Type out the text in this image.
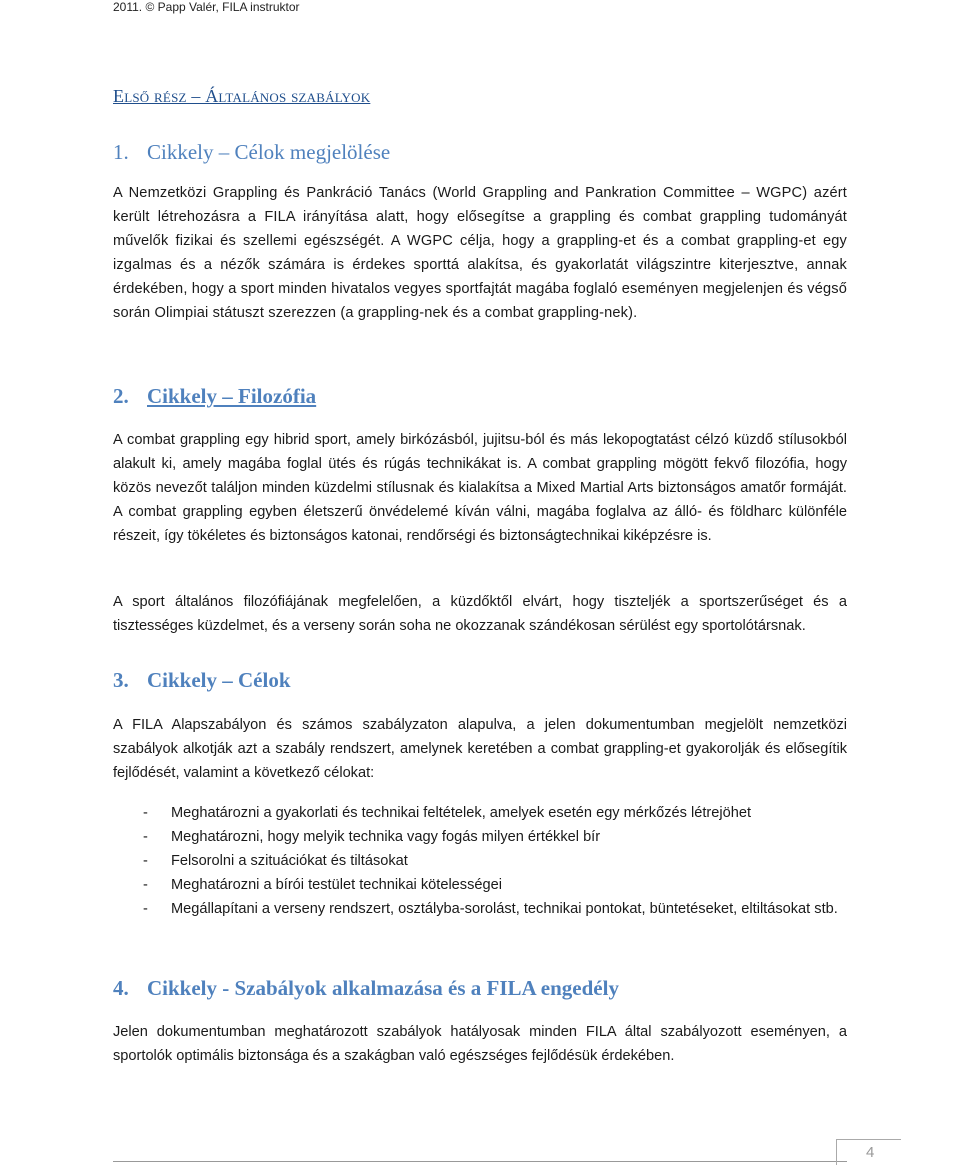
2011. © Papp Valér, FILA instruktor
Első rész – Általános szabályok
1. Cikkely – Célok megjelölése

A Nemzetközi Grappling és Pankráció Tanács (World Grappling and Pankration Committee – WGPC) azért került létrehozásra a FILA irányítása alatt, hogy elősegítse a grappling és combat grappling tudományát művelők fizikai és szellemi egészségét. A WGPC célja, hogy a grappling-et és a combat grappling-et egy izgalmas és a nézők számára is érdekes sporttá alakítsa, és gyakorlatát világszintre kiterjesztve, annak érdekében, hogy a sport minden hivatalos vegyes sportfajtát magába foglaló eseményen megjelenjen és végső során Olimpiai státuszt szerezzen (a grappling-nek és a combat grappling-nek).

2. Cikkely – Filozófia

A combat grappling egy hibrid sport, amely birkózásból, jujitsu-ból és más lekopogtatást célzó küzdő stílusokból alakult ki, amely magába foglal ütés és rúgás technikákat is. A combat grappling mögött fekvő filozófia, hogy közös nevezőt találjon minden küzdelmi stílusnak és kialakítsa a Mixed Martial Arts biztonságos amatőr formáját. A combat grappling egyben életszerű önvédelemé kíván válni, magába foglalva az álló- és földharc különféle részeit, így tökéletes és biztonságos katonai, rendőrségi és biztonságtechnikai kiképzésre is.

A sport általános filozófiájának megfelelően, a küzdőktől elvárt, hogy tiszteljék a sportszerűséget és a tisztességes küzdelmet, és a verseny során soha ne okozzanak szándékosan sérülést egy sportolótársnak.

3. Cikkely – Célok

A FILA Alapszabályon és számos szabályzaton alapulva, a jelen dokumentumban megjelölt nemzetközi szabályok alkotják azt a szabály rendszert, amelynek keretében a combat grappling-et gyakorolják és elősegítik fejlődését, valamint a következő célokat:

- Meghatározni a gyakorlati és technikai feltételek, amelyek esetén egy mérkőzés létrejöhet
- Meghatározni, hogy melyik technika vagy fogás milyen értékkel bír
- Felsorolni a szituációkat és tiltásokat
- Meghatározni a bírói testület technikai kötelességei
- Megállapítani a verseny rendszert, osztályba-sorolást, technikai pontokat, büntetéseket, eltiltásokat stb.
4. Cikkely - Szabályok alkalmazása és a FILA engedély

Jelen dokumentumban meghatározott szabályok hatályosak minden FILA által szabályozott eseményen, a sportolók optimális biztonsága és a szakágban való egészséges fejlődésük érdekében.

4
